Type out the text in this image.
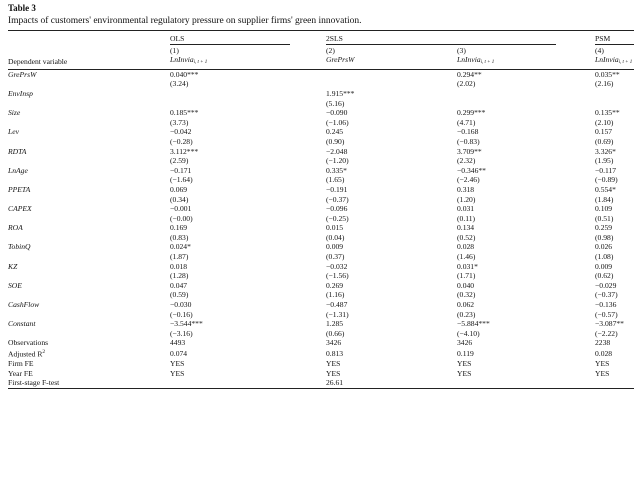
Table 3
Impacts of customers' environmental regulatory pressure on supplier firms' green innovation.
	OLS	2SLS		PSM

	(1)	(2)	(3)	(4)
Dependent variable	LnInvia$_{i, t + 1}$	GrePrsW	LnInvia$_{i, t + 1}$	LnInvia$_{i, t + 1}$

GrePrsW	0.040***		0.294**	0.035**
	(3.24)		(2.02)	(2.16)
EnvInsp		1.915***		
		(5.16)		
Size	0.185***	−0.090	0.299***	0.135**
	(3.73)	(−1.06)	(4.71)	(2.10)
Lev	−0.042	0.245	−0.168	0.157
	(−0.28)	(0.90)	(−0.83)	(0.69)
RDTA	3.112***	−2.048	3.709**	3.326*
	(2.59)	(−1.20)	(2.32)	(1.95)
LnAge	−0.171	0.335*	−0.346**	−0.117
	(−1.64)	(1.65)	(−2.46)	(−0.89)
PPETA	0.069	−0.191	0.318	0.554*
	(0.34)	(−0.37)	(1.20)	(1.84)
CAPEX	−0.001	−0.096	0.031	0.109
	(−0.00)	(−0.25)	(0.11)	(0.51)
ROA	0.169	0.015	0.134	0.259
	(0.83)	(0.04)	(0.52)	(0.98)
TobinQ	0.024*	0.009	0.028	0.026
	(1.87)	(0.37)	(1.46)	(1.08)
KZ	0.018	−0.032	0.031*	0.009
	(1.28)	(−1.56)	(1.71)	(0.62)
SOE	0.047	0.269	0.040	−0.029
	(0.59)	(1.16)	(0.32)	(−0.37)
CashFlow	−0.030	−0.487	0.062	−0.136
	(−0.16)	(−1.31)	(0.23)	(−0.57)
Constant	−3.544***	1.285	−5.884***	−3.087**
	(−3.16)	(0.66)	(−4.10)	(−2.22)
Observations	4493	3426	3426	2238
Adjusted $R^2$	0.074	0.813	0.119	0.028
Firm FE	YES	YES	YES	YES
Year FE	YES	YES	YES	YES
First-stage F-test		26.61		
